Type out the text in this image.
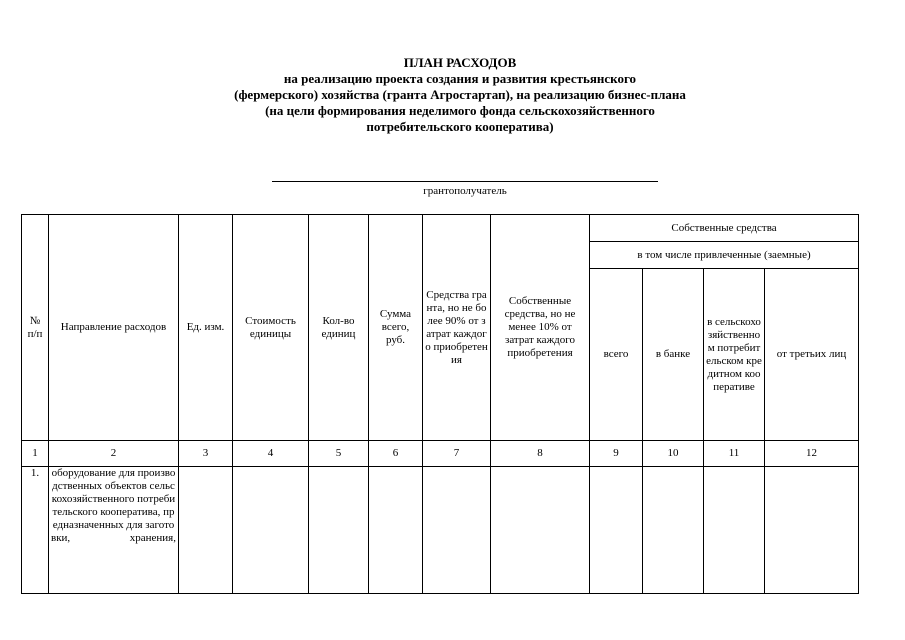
ПЛАН РАСХОДОВ
на реализацию проекта создания и развития крестьянского
(фермерского) хозяйства (гранта Агростартап), на реализацию бизнес-плана
(на цели формирования неделимого фонда сельскохозяйственного
потребительского кооператива)
грантополучатель
№ п/п	Направление расходов	Ед. изм.	Стоимость единицы	Кол-во единиц	Сумма всего, руб.	Средства гранта, но не более 90% от затрат каждого приобретения	Собственные средства, но не менее 10% от затрат каждого приобретения	Собственные средства			
								в том числе привлеченные (заемные)			
								всего	в банке	в сельскохозяйственном потребительском кредитном кооперативе	от третьих лиц
1	2	3	4	5	6	7	8	9	10	11	12
1.	оборудование для производственных объектов сельскохозяйственного потребительского кооператива, предназначенных для заготовки, хранения,										
